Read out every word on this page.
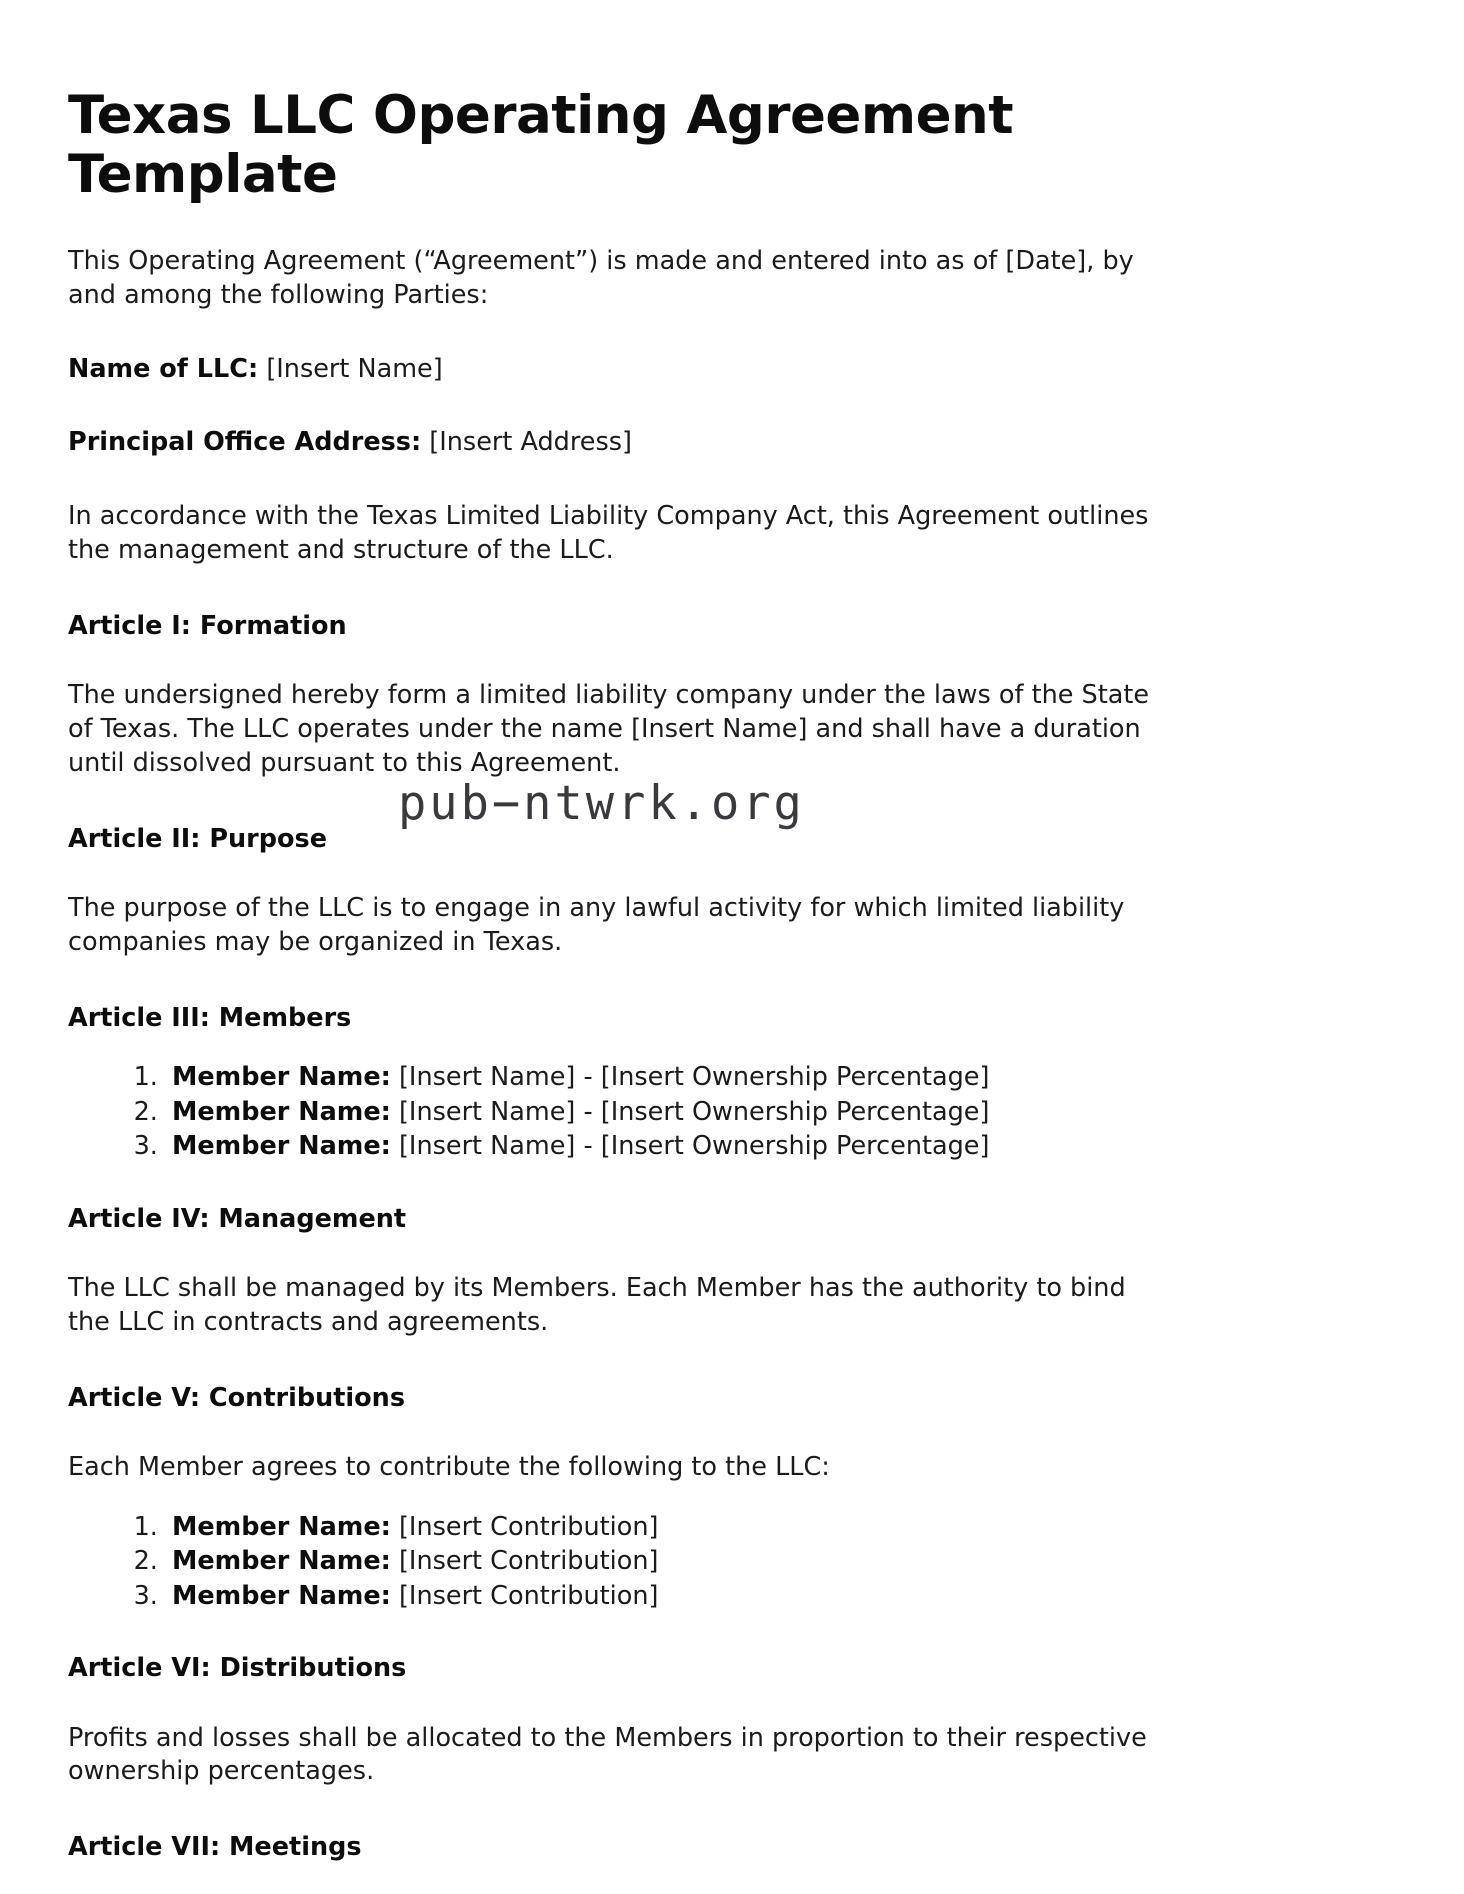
Texas LLC Operating Agreement Template

This Operating Agreement (“Agreement”) is made and entered into as of [Date], by and among the following Parties:

Name of LLC: [Insert Name]

Principal Office Address: [Insert Address]

In accordance with the Texas Limited Liability Company Act, this Agreement outlines the management and structure of the LLC.

Article I: Formation

The undersigned hereby form a limited liability company under the laws of the State of Texas. The LLC operates under the name [Insert Name] and shall have a duration until dissolved pursuant to this Agreement.

Article II: Purpose

The purpose of the LLC is to engage in any lawful activity for which limited liability companies may be organized in Texas.

Article III: Members
1. Member Name: [Insert Name] - [Insert Ownership Percentage]
2. Member Name: [Insert Name] - [Insert Ownership Percentage]
3. Member Name: [Insert Name] - [Insert Ownership Percentage]
Article IV: Management

The LLC shall be managed by its Members. Each Member has the authority to bind the LLC in contracts and agreements.

Article V: Contributions

Each Member agrees to contribute the following to the LLC:

1. Member Name: [Insert Contribution]
2. Member Name: [Insert Contribution]
3. Member Name: [Insert Contribution]
Article VI: Distributions

Profits and losses shall be allocated to the Members in proportion to their respective ownership percentages.

Article VII: Meetings
pub−ntwrk.org
